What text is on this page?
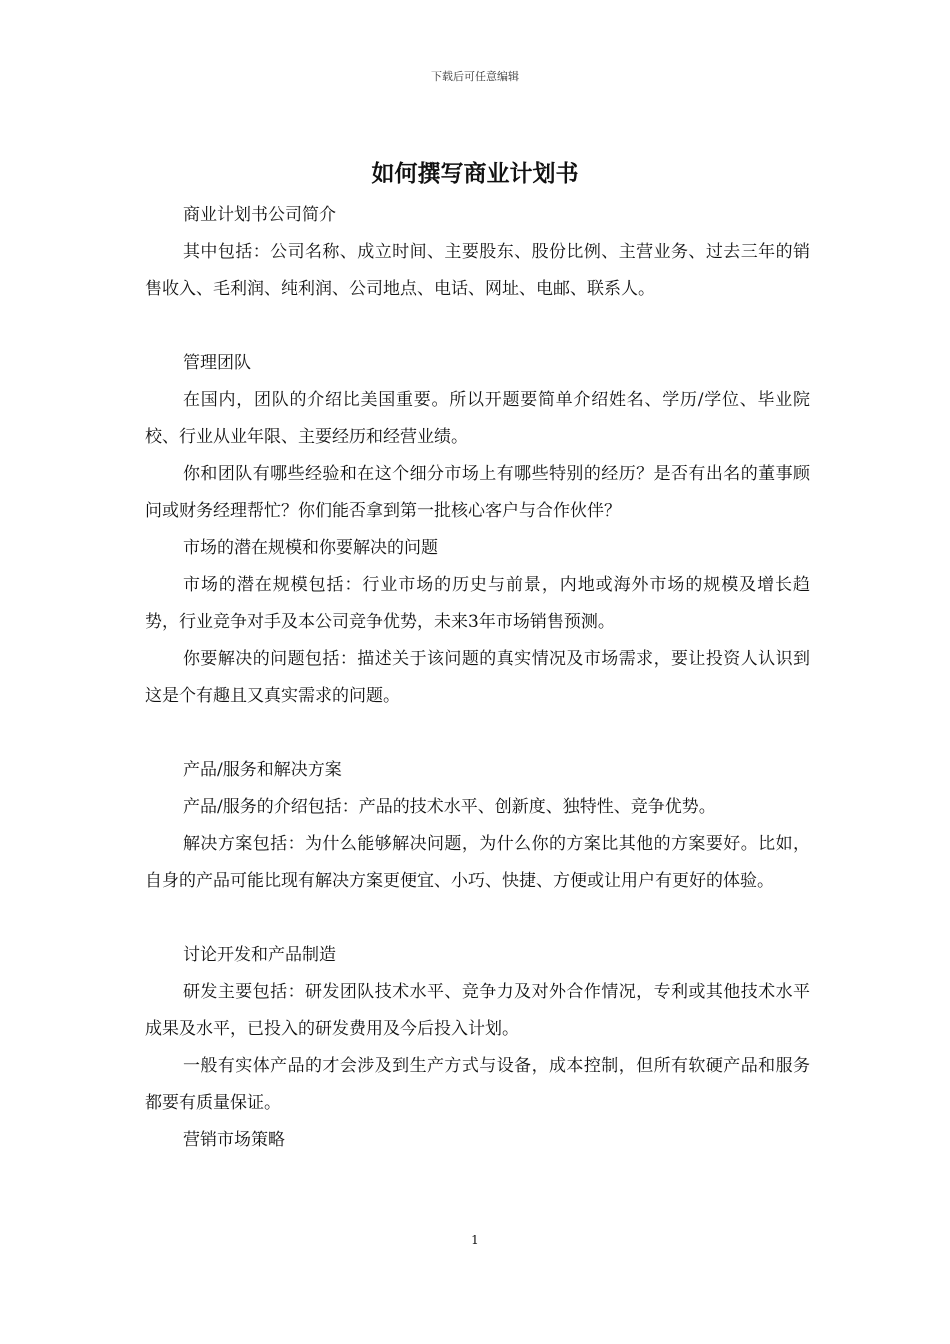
下载后可任意编辑
如何撰写商业计划书

商业计划书公司简介

其中包括：公司名称、成立时间、主要股东、股份比例、主营业务、过去三年的销售收入、毛利润、纯利润、公司地点、电话、网址、电邮、联系人。

管理团队

在国内，团队的介绍比美国重要。所以开题要简单介绍姓名、学历/学位、毕业院校、行业从业年限、主要经历和经营业绩。

你和团队有哪些经验和在这个细分市场上有哪些特别的经历？是否有出名的董事顾问或财务经理帮忙？你们能否拿到第一批核心客户与合作伙伴？

市场的潜在规模和你要解决的问题

市场的潜在规模包括：行业市场的历史与前景，内地或海外市场的规模及增长趋势，行业竞争对手及本公司竞争优势，未来3年市场销售预测。

你要解决的问题包括：描述关于该问题的真实情况及市场需求，要让投资人认识到这是个有趣且又真实需求的问题。

产品/服务和解决方案

产品/服务的介绍包括：产品的技术水平、创新度、独特性、竞争优势。

解决方案包括：为什么能够解决问题，为什么你的方案比其他的方案要好。比如，自身的产品可能比现有解决方案更便宜、小巧、快捷、方便或让用户有更好的体验。

讨论开发和产品制造

研发主要包括：研发团队技术水平、竞争力及对外合作情况，专利或其他技术水平成果及水平，已投入的研发费用及今后投入计划。

一般有实体产品的才会涉及到生产方式与设备，成本控制，但所有软硬产品和服务都要有质量保证。

营销市场策略

1
